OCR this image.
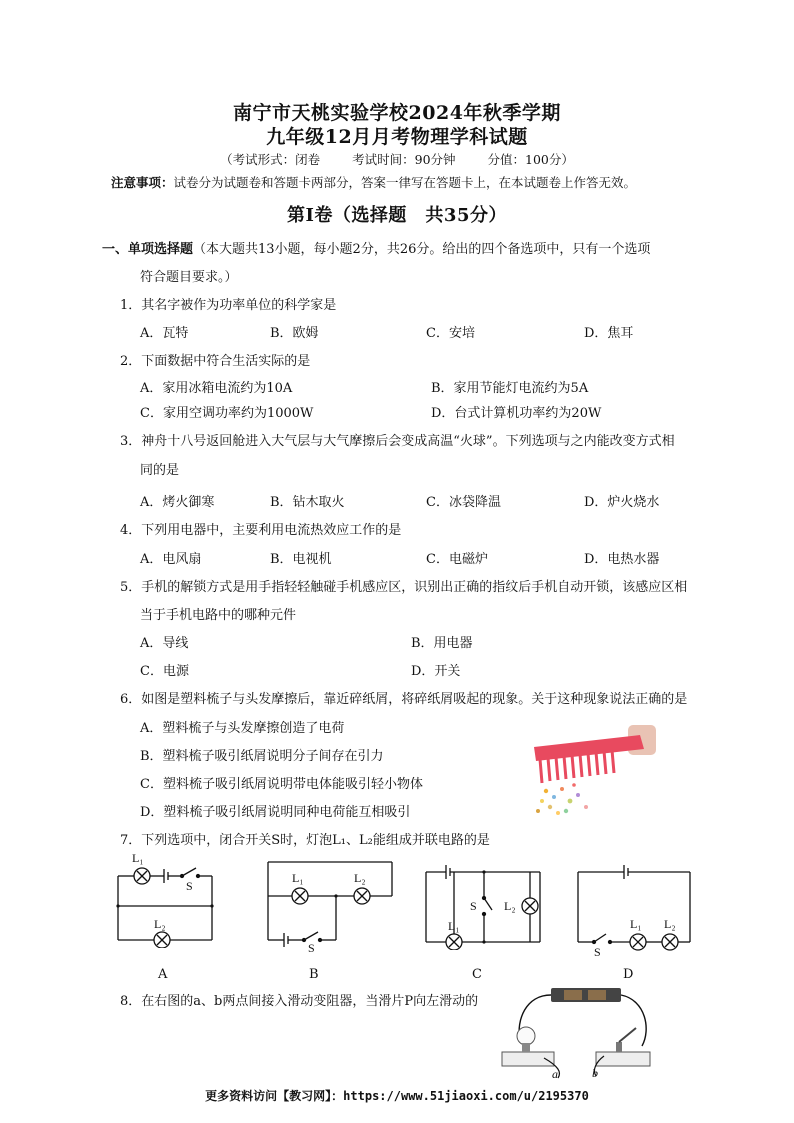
南宁市天桃实验学校2024年秋季学期
九年级12月月考物理学科试题
（考试形式：闭卷	考试时间：90分钟	分值：100分）
注意事项：试卷分为试题卷和答题卡两部分，答案一律写在答题卡上，在本试题卷上作答无效。
第Ⅰ卷（选择题　共35分）
一、单项选择题（本大题共13小题，每小题2分，共26分。给出的四个备选项中，只有一个选项
符合题目要求。）
1．其名字被作为功率单位的科学家是
A．瓦特	B．欧姆	C．安培	D．焦耳
2．下面数据中符合生活实际的是
A．家用冰箱电流约为10A	B．家用节能灯电流约为5A
C．家用空调功率约为1000W	D．台式计算机功率约为20W
3．神舟十八号返回舱进入大气层与大气摩擦后会变成高温“火球”。下列选项与之内能改变方式相
同的是
A．烤火御寒	B．钻木取火	C．冰袋降温	D．炉火烧水
4．下列用电器中，主要利用电流热效应工作的是
A．电风扇	B．电视机	C．电磁炉	D．电热水器
5．手机的解锁方式是用手指轻轻触碰手机感应区，识别出正确的指纹后手机自动开锁，该感应区相
当于手机电路中的哪种元件
A．导线	B．用电器
C．电源	D．开关
6．如图是塑料梳子与头发摩擦后，靠近碎纸屑，将碎纸屑吸起的现象。关于这种现象说法正确的是
A．塑料梳子与头发摩擦创造了电荷
B．塑料梳子吸引纸屑说明分子间存在引力
C．塑料梳子吸引纸屑说明带电体能吸引轻小物体
D．塑料梳子吸引纸屑说明同种电荷能互相吸引
7．下列选项中，闭合开关S时，灯泡L₁、L₂能组成并联电路的是
L₁
S
L₂
A
L₁	L₂
S
B
S L₂
L₁
C
S
L₁ L₂
D
8．在右图的a、b两点间接入滑动变阻器，当滑片P向左滑动的
a	b
更多资料访问【教习网】：https://www.51jiaoxi.com/u/2195370
